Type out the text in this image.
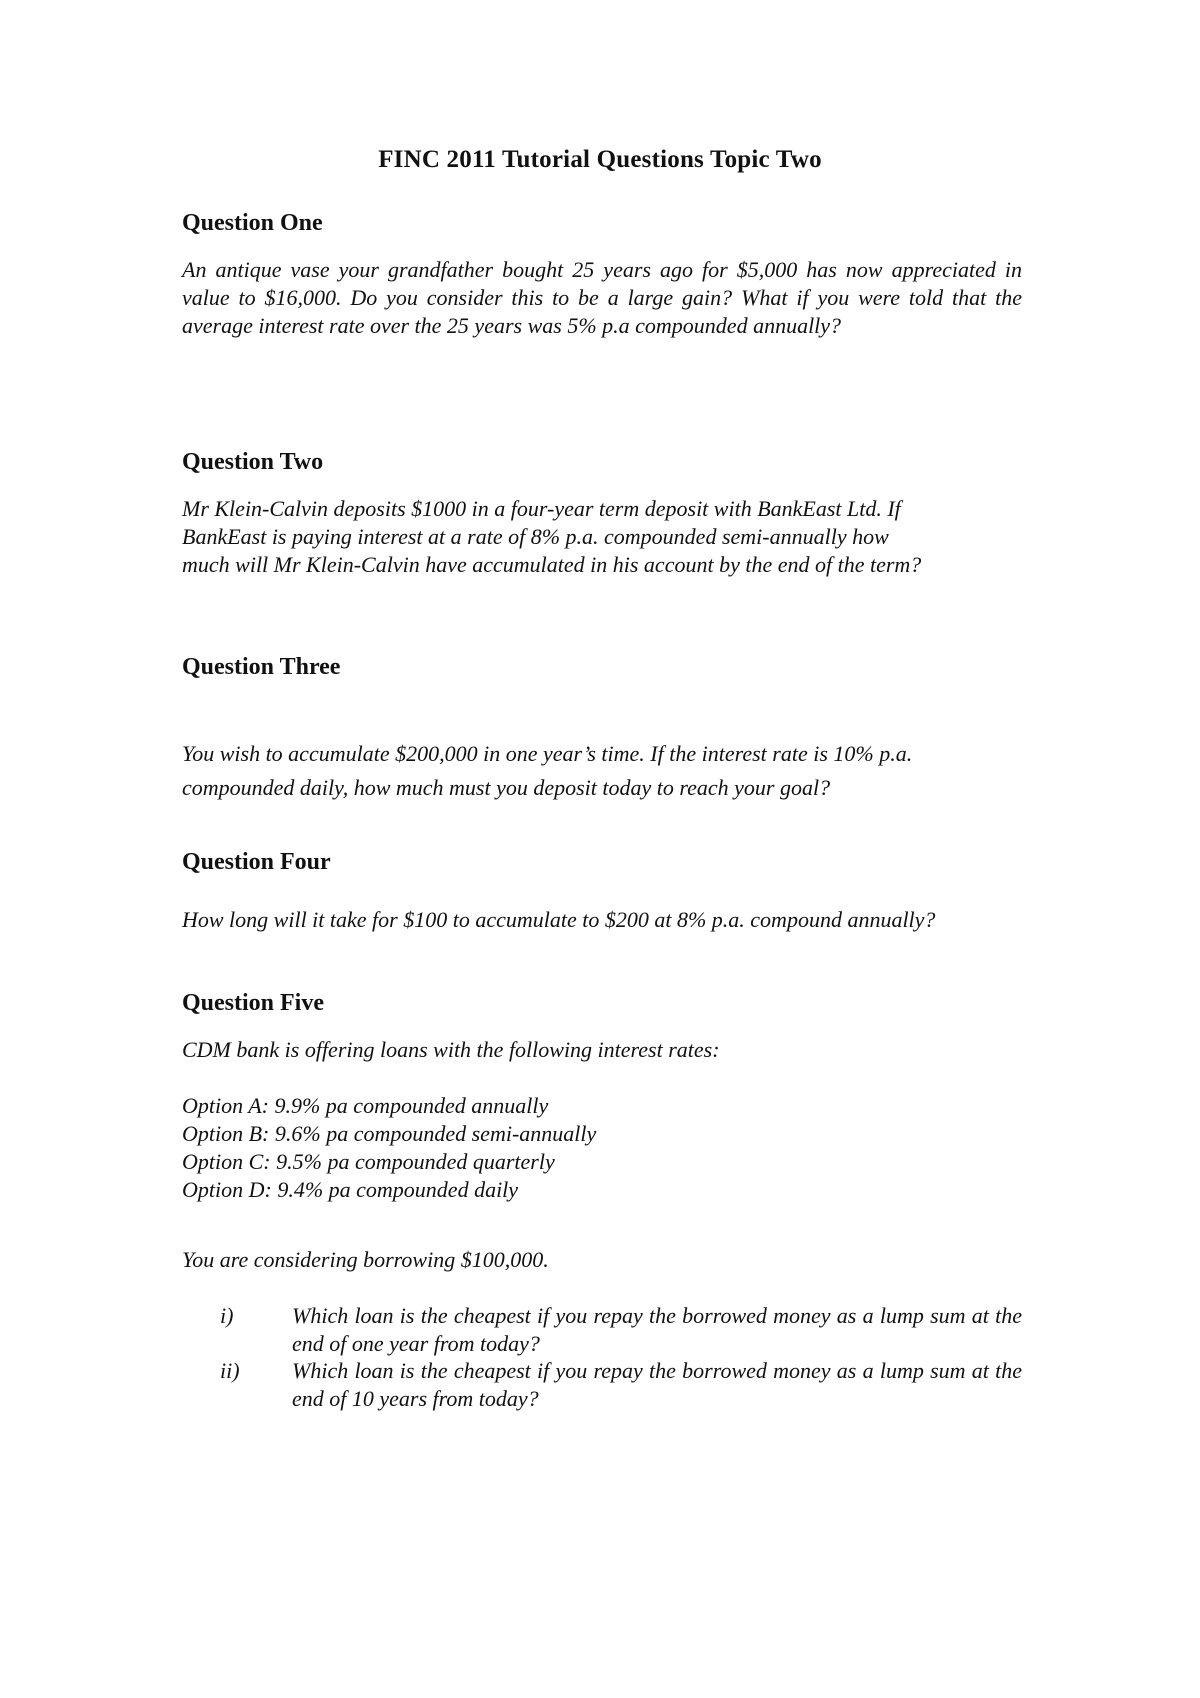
FINC 2011 Tutorial Questions Topic Two
Question One

An antique vase your grandfather bought 25 years ago for $5,000 has now appreciated in value to $16,000. Do you consider this to be a large gain? What if you were told that the average interest rate over the 25 years was 5% p.a compounded annually?

Question Two
Mr Klein-Calvin deposits $1000 in a four-year term deposit with BankEast Ltd. If
BankEast is paying interest at a rate of 8% p.a. compounded semi-annually how
much will Mr Klein-Calvin have accumulated in his account by the end of the term?
Question Three
You wish to accumulate $200,000 in one year’s time. If the interest rate is 10% p.a.
compounded daily, how much must you deposit today to reach your goal?
Question Four

How long will it take for $100 to accumulate to $200 at 8% p.a. compound annually?

Question Five

CDM bank is offering loans with the following interest rates:

Option A: 9.9% pa compounded annually
Option B: 9.6% pa compounded semi-annually
Option C: 9.5% pa compounded quarterly
Option D: 9.4% pa compounded daily

You are considering borrowing $100,000.

i)	Which loan is the cheapest if you repay the borrowed money as a lump sum at the end of one year from today?
ii) Which loan is the cheapest if you repay the borrowed money as a lump sum at the end of 10 years from today?
